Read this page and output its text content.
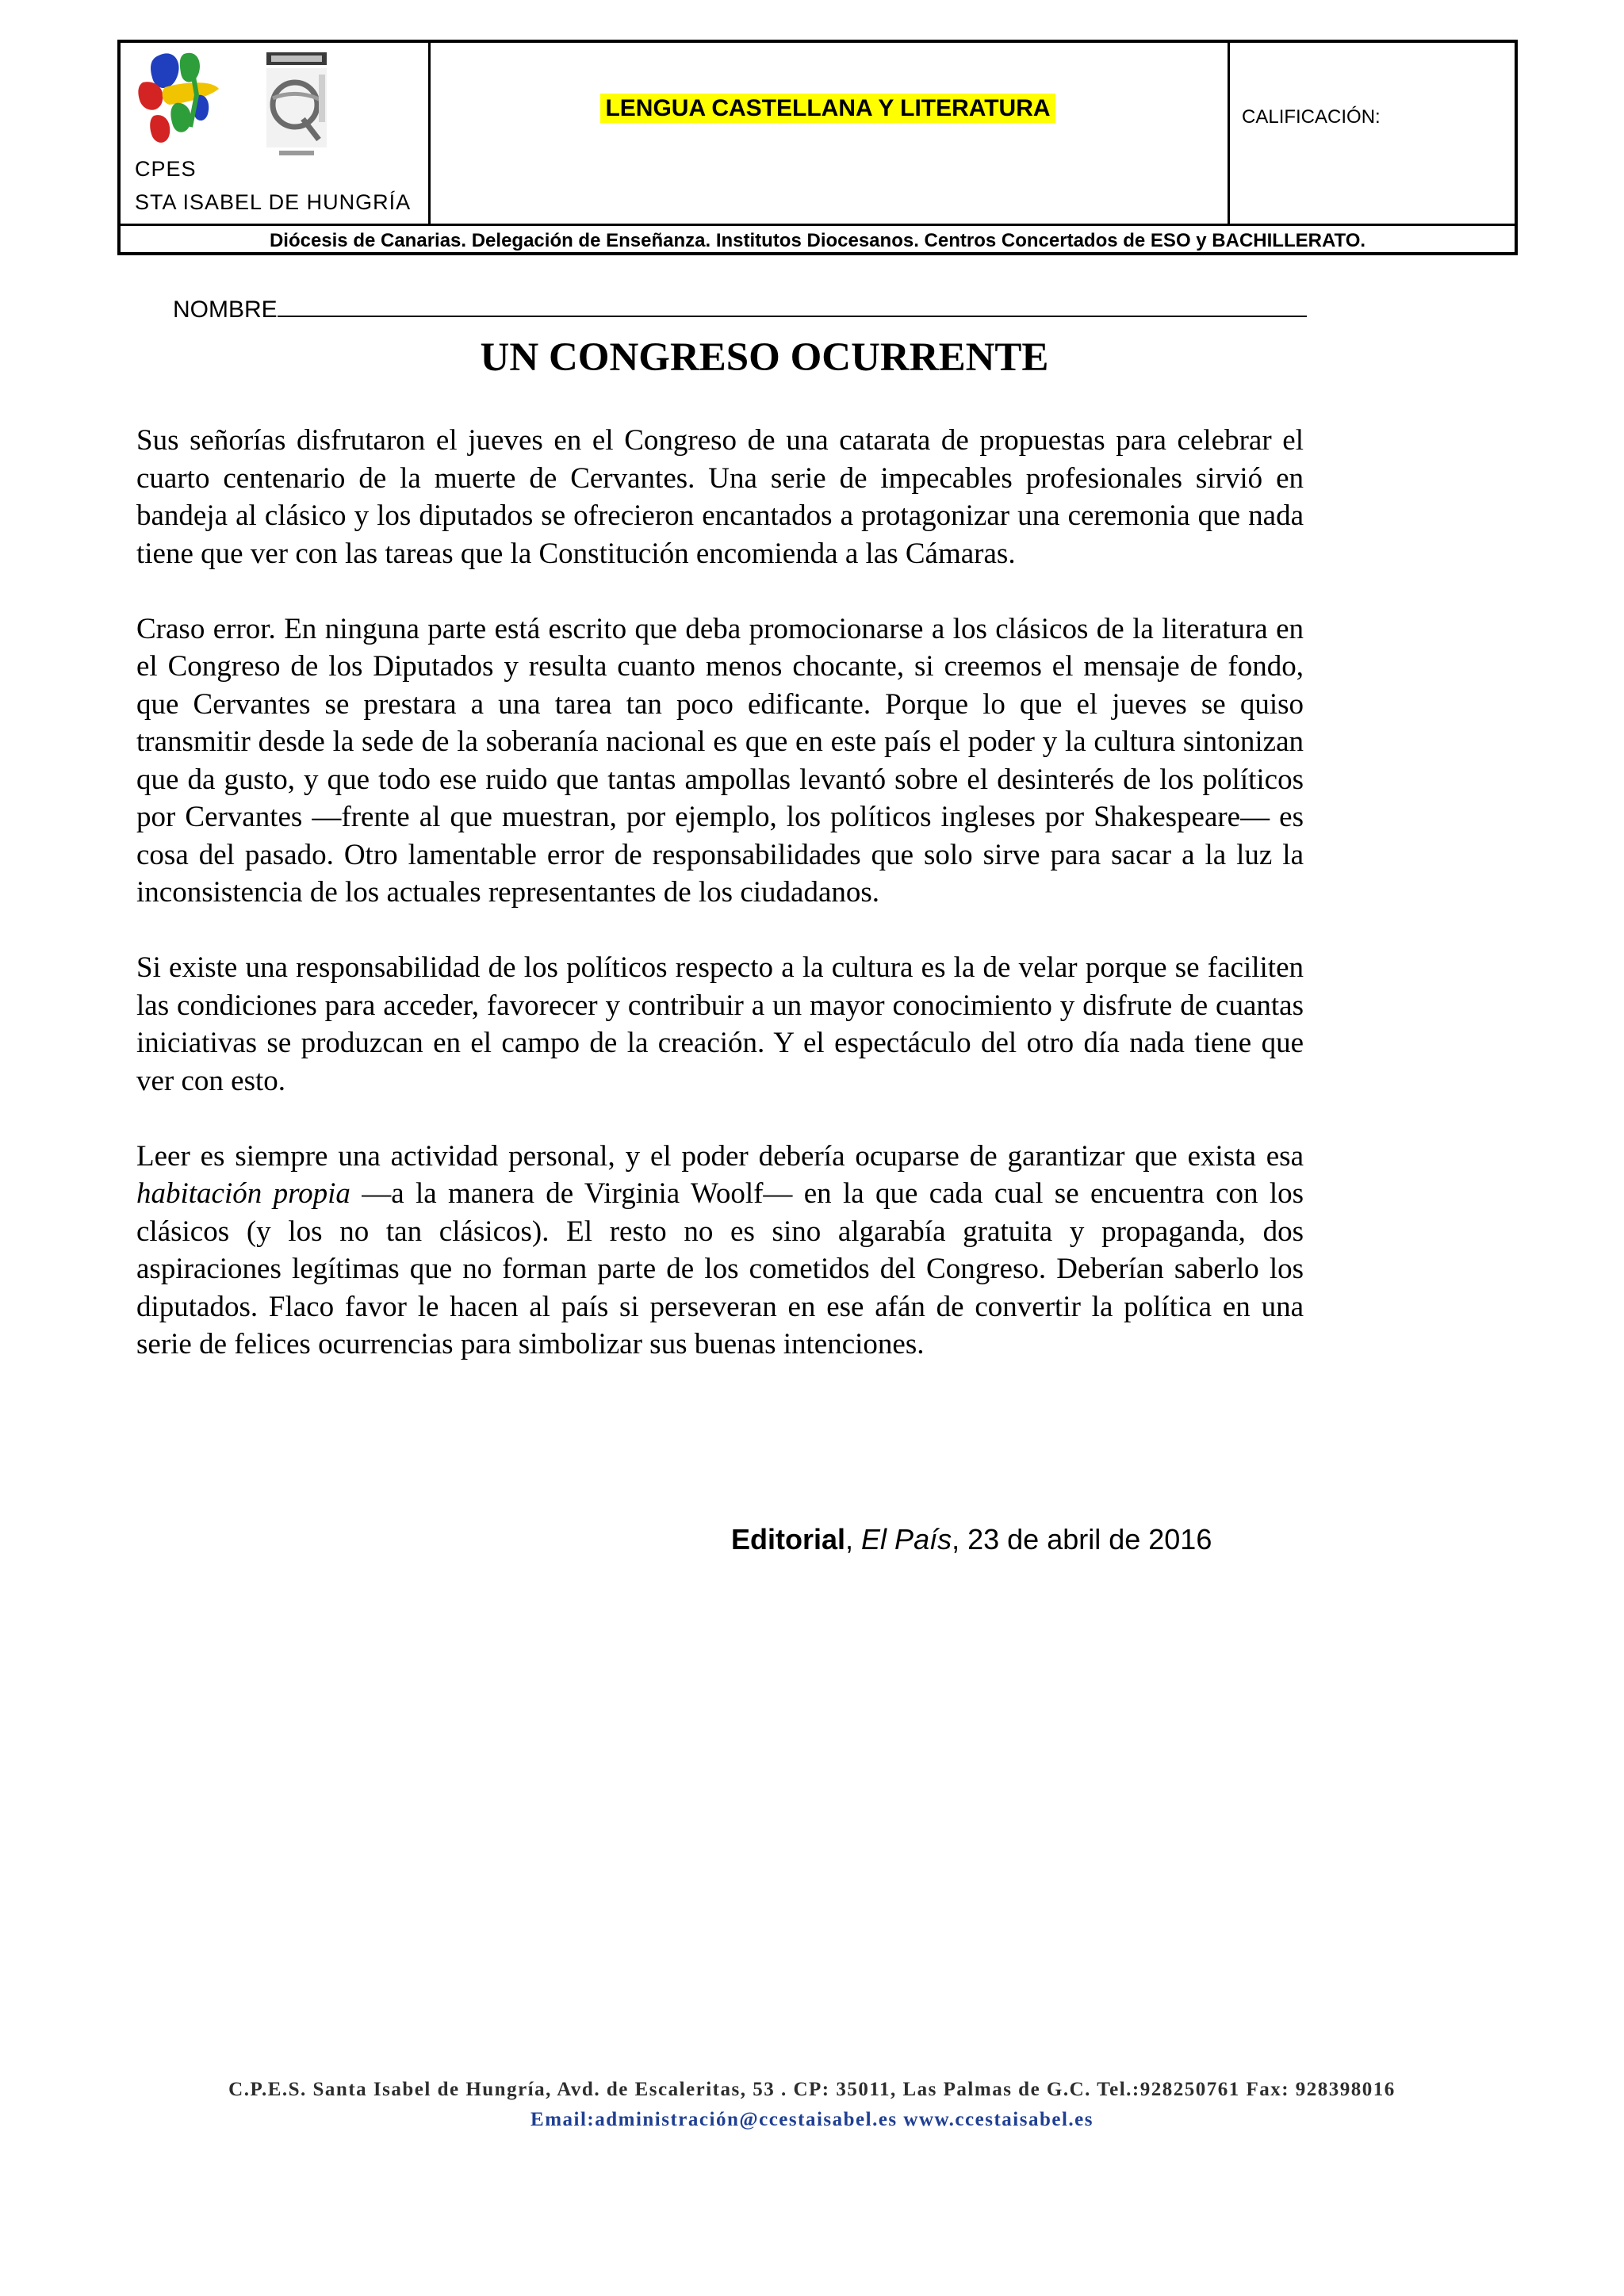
CPES
STA ISABEL DE HUNGRÍA
LENGUA CASTELLANA Y LITERATURA	CALIFICACIÓN:
Diócesis de Canarias. Delegación de Enseñanza. Institutos Diocesanos. Centros Concertados de ESO y BACHILLERATO.
NOMBRE
UN CONGRESO OCURRENTE

Sus señorías disfrutaron el jueves en el Congreso de una catarata de propuestas para celebrar el cuarto centenario de la muerte de Cervantes. Una serie de impecables profesionales sirvió en bandeja al clásico y los diputados se ofrecieron encantados a protagonizar una ceremonia que nada tiene que ver con las tareas que la Constitución encomienda a las Cámaras.

Craso error. En ninguna parte está escrito que deba promocionarse a los clásicos de la literatura en el Congreso de los Diputados y resulta cuanto menos chocante, si creemos el mensaje de fondo, que Cervantes se prestara a una tarea tan poco edificante. Porque lo que el jueves se quiso transmitir desde la sede de la soberanía nacional es que en este país el poder y la cultura sintonizan que da gusto, y que todo ese ruido que tantas ampollas levantó sobre el desinterés de los políticos por Cervantes —frente al que muestran, por ejemplo, los políticos ingleses por Shakespeare— es cosa del pasado. Otro lamentable error de responsabilidades que solo sirve para sacar a la luz la inconsistencia de los actuales representantes de los ciudadanos.

Si existe una responsabilidad de los políticos respecto a la cultura es la de velar porque se faciliten las condiciones para acceder, favorecer y contribuir a un mayor conocimiento y disfrute de cuantas iniciativas se produzcan en el campo de la creación. Y el espectáculo del otro día nada tiene que ver con esto.

Leer es siempre una actividad personal, y el poder debería ocuparse de garantizar que exista esa habitación propia —a la manera de Virginia Woolf— en la que cada cual se encuentra con los clásicos (y los no tan clásicos). El resto no es sino algarabía gratuita y propaganda, dos aspiraciones legítimas que no forman parte de los cometidos del Congreso. Deberían saberlo los diputados. Flaco favor le hacen al país si perseveran en ese afán de convertir la política en una serie de felices ocurrencias para simbolizar sus buenas intenciones.

Editorial, El País, 23 de abril de 2016
C.P.E.S. Santa Isabel de Hungría, Avd. de Escaleritas, 53 . CP: 35011, Las Palmas de G.C. Tel.:928250761 Fax: 928398016
Email:administración@ccestaisabel.es www.ccestaisabel.es
